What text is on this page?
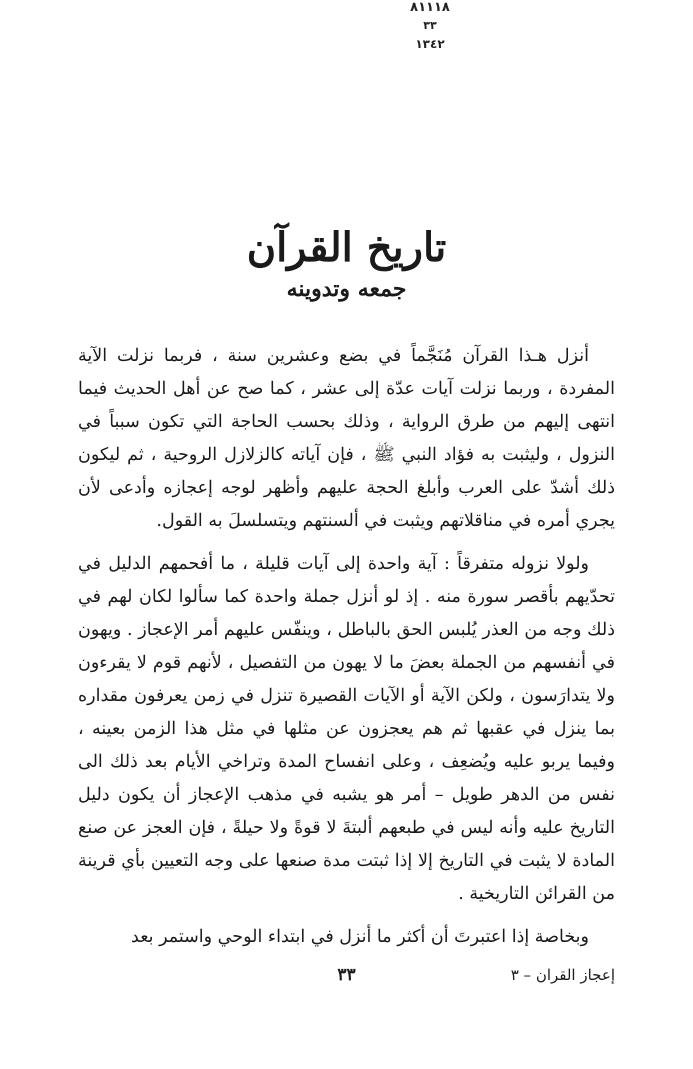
٨١١١٨
٣٣
١٣٤٢
تاريخ القرآن
جمعه وتدوينه

أنزل هـذا القرآن مُنَجَّماً في بضع وعشرين سنة ، فربما نزلت الآية المفردة ، وربما نزلت آيات عدّة إلى عشر ، كما صح عن أهل الحديث فيما انتهى إليهم من طرق الرواية ، وذلك بحسب الحاجة التي تكون سبباً في النزول ، وليثبت به فؤاد النبي ﷺ ، فإن آياته كالزلازل الروحية ، ثم ليكون ذلك أشدّ على العرب وأبلغ الحجة عليهم وأظهر لوجه إعجازه وأدعى لأن يجري أمره في مناقلاتهم ويثبت في ألسنتهم ويتسلسلَ به القول.

ولولا نزوله متفرقاً : آية واحدة إلى آيات قليلة ، ما أفحمهم الدليل في تحدّيهم بأقصر سورة منه . إذ لو أنزل جملة واحدة كما سألوا لكان لهم في ذلك وجه من العذر يُلبس الحق بالباطل ، وينفّس عليهم أمر الإعجاز . ويهون في أنفسهم من الجملة بعضَ ما لا يهون من التفصيل ، لأنهم قوم لا يقرءون ولا يتدارَسون ، ولكن الآية أو الآيات القصيرة تنزل في زمن يعرفون مقداره بما ينزل في عقبها ثم هم يعجزون عن مثلها في مثل هذا الزمن بعينه ، وفيما يربو عليه ويُضعِف ، وعلى انفساح المدة وتراخي الأيام بعد ذلك الى نفس من الدهر طويل – أمر هو يشبه في مذهب الإعجاز أن يكون دليل التاريخ عليه وأنه ليس في طبعهم ألبتةَ لا قوةً ولا حيلةً ، فإن العجز عن صنع المادة لا يثبت في التاريخ إلا إذا ثبتت مدة صنعها على وجه التعيين بأي قرينة من القرائن التاريخية .

وبخاصة إذا اعتبرتَ أن أكثر ما أنزل في ابتداء الوحي واستمر بعد

إعجاز القران – ٣
٣٣
